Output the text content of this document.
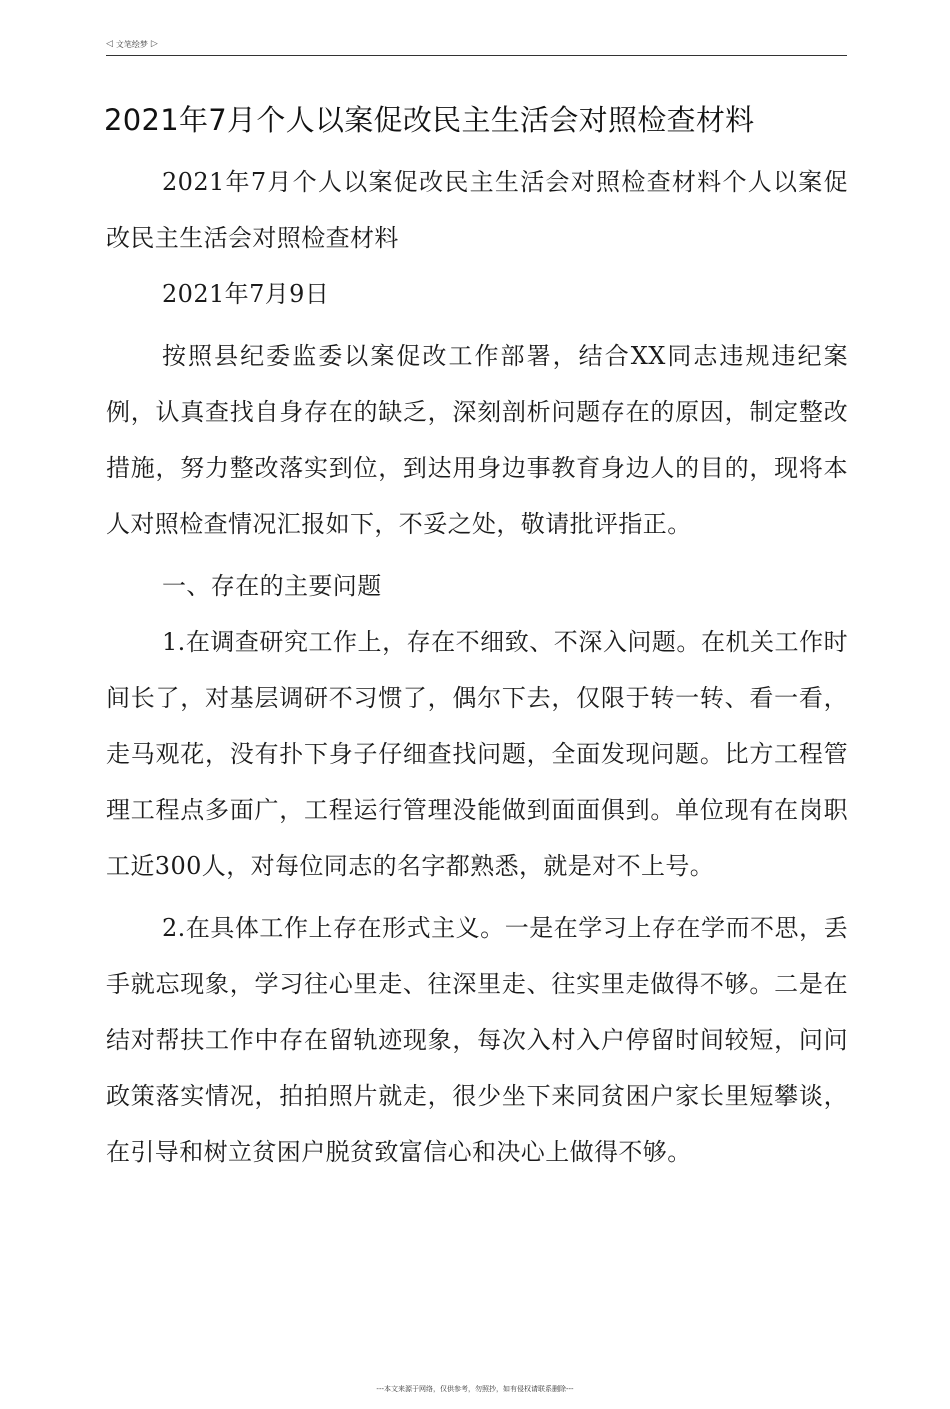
◁ 文笔绘梦 ▷
2021年7月个人以案促改民主生活会对照检查材料

2021年7月个人以案促改民主生活会对照检查材料个人以案促改民主生活会对照检查材料

2021年7月9日

按照县纪委监委以案促改工作部署，结合XX同志违规违纪案例，认真查找自身存在的缺乏，深刻剖析问题存在的原因，制定整改措施，努力整改落实到位，到达用身边事教育身边人的目的，现将本人对照检查情况汇报如下，不妥之处，敬请批评指正。

一、存在的主要问题

1.在调查研究工作上，存在不细致、不深入问题。在机关工作时间长了，对基层调研不习惯了，偶尔下去，仅限于转一转、看一看，走马观花，没有扑下身子仔细查找问题，全面发现问题。比方工程管理工程点多面广，工程运行管理没能做到面面俱到。单位现有在岗职工近300人，对每位同志的名字都熟悉，就是对不上号。

2.在具体工作上存在形式主义。一是在学习上存在学而不思，丢手就忘现象，学习往心里走、往深里走、往实里走做得不够。二是在结对帮扶工作中存在留轨迹现象，每次入村入户停留时间较短，问问政策落实情况，拍拍照片就走，很少坐下来同贫困户家长里短攀谈，在引导和树立贫困户脱贫致富信心和决心上做得不够。

---本文来源于网络，仅供参考，勿照抄，如有侵权请联系删除---
